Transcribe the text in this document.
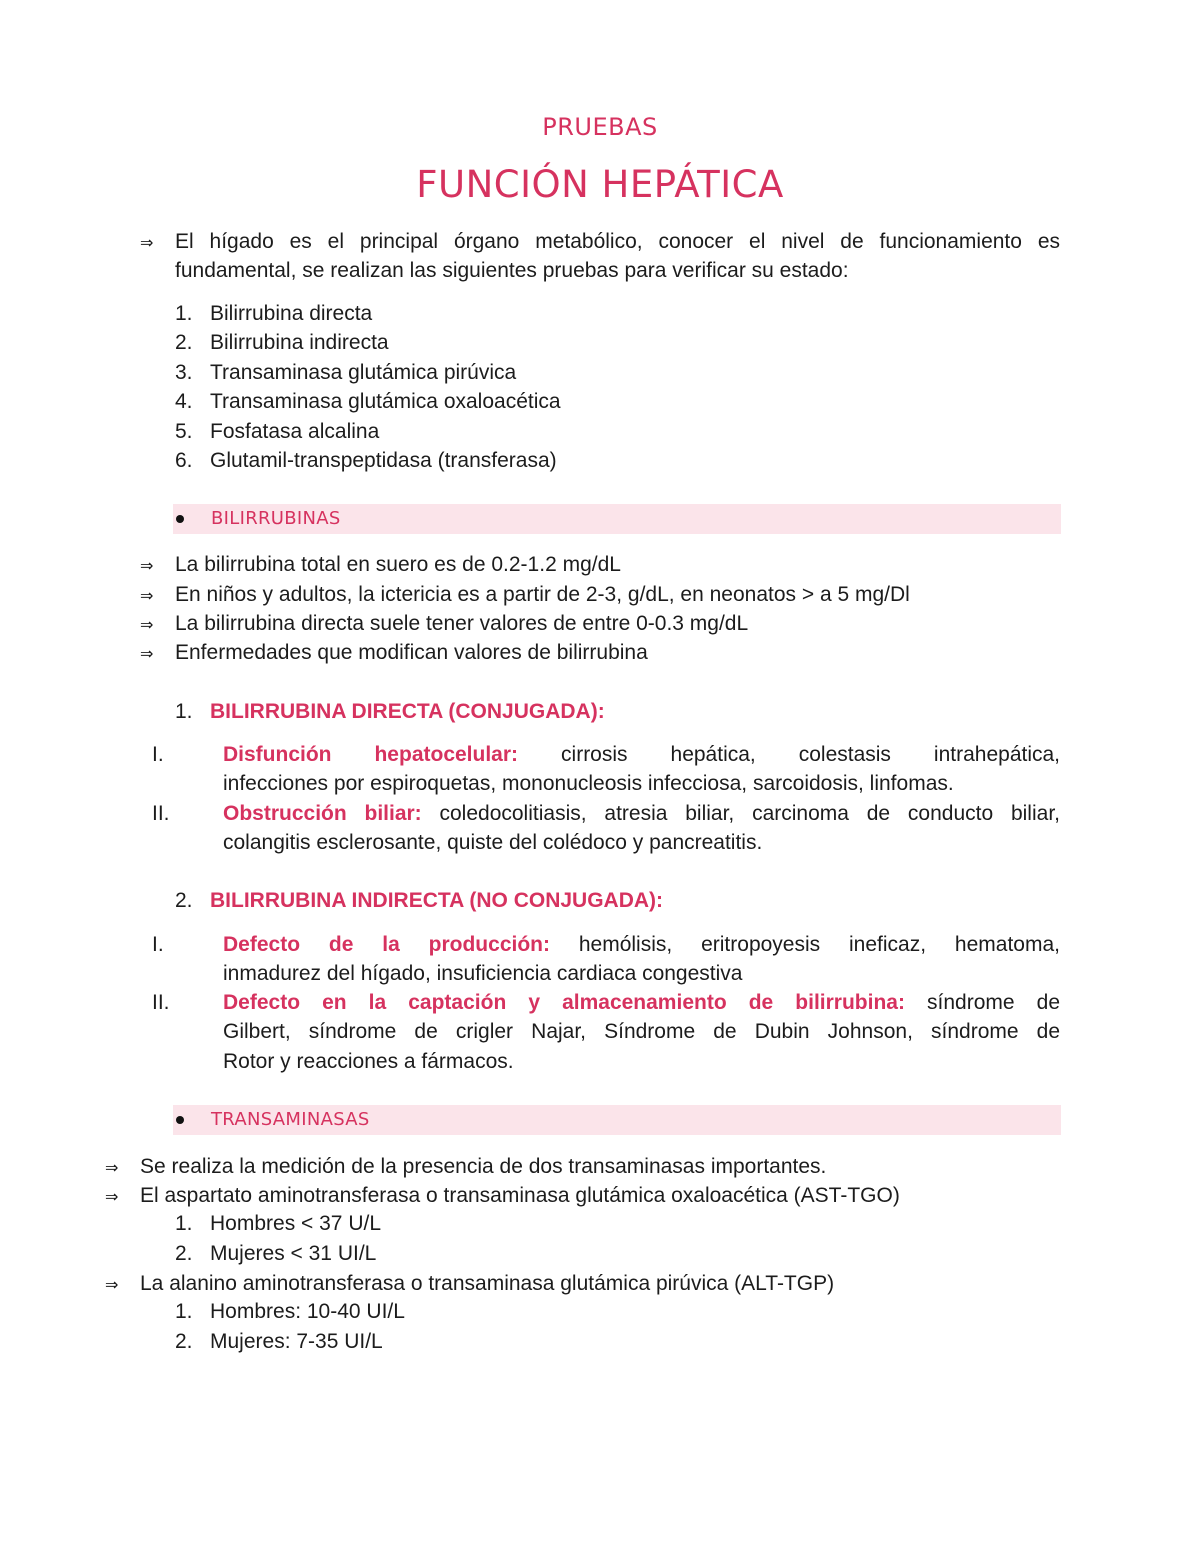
PRUEBAS
FUNCIÓN HEPÁTICA
⇒ El hígado es el principal órgano metabólico, conocer el nivel de funcionamiento es
fundamental, se realizan las siguientes pruebas para verificar su estado:
1. Bilirrubina directa
2. Bilirrubina indirecta
3. Transaminasa glutámica pirúvica
4. Transaminasa glutámica oxaloacética
5. Fosfatasa alcalina
6. Glutamil-transpeptidasa (transferasa)
BILIRRUBINAS
⇒ La bilirrubina total en suero es de 0.2-1.2 mg/dL
⇒ En niños y adultos, la ictericia es a partir de 2-3, g/dL, en neonatos > a 5 mg/Dl
⇒ La bilirrubina directa suele tener valores de entre 0-0.3 mg/dL
⇒ Enfermedades que modifican valores de bilirrubina
1. BILIRRUBINA DIRECTA (CONJUGADA):
I.	Disfunción hepatocelular: cirrosis hepática, colestasis intrahepática,
infecciones por espiroquetas, mononucleosis infecciosa, sarcoidosis, linfomas.
II.	Obstrucción biliar: coledocolitiasis, atresia biliar, carcinoma de conducto biliar,
colangitis esclerosante, quiste del colédoco y pancreatitis.
2. BILIRRUBINA INDIRECTA (NO CONJUGADA):
I.	Defecto de la producción: hemólisis, eritropoyesis ineficaz, hematoma,
inmadurez del hígado, insuficiencia cardiaca congestiva
II.	Defecto en la captación y almacenamiento de bilirrubina: síndrome de
Gilbert, síndrome de crigler Najar, Síndrome de Dubin Johnson, síndrome de
Rotor y reacciones a fármacos.
TRANSAMINASAS
⇒ Se realiza la medición de la presencia de dos transaminasas importantes.
⇒ El aspartato aminotransferasa o transaminasa glutámica oxaloacética (AST-TGO)
1. Hombres < 37 U/L
2. Mujeres < 31 UI/L
⇒ La alanino aminotransferasa o transaminasa glutámica pirúvica (ALT-TGP)
1. Hombres: 10-40 UI/L
2. Mujeres: 7-35 UI/L
